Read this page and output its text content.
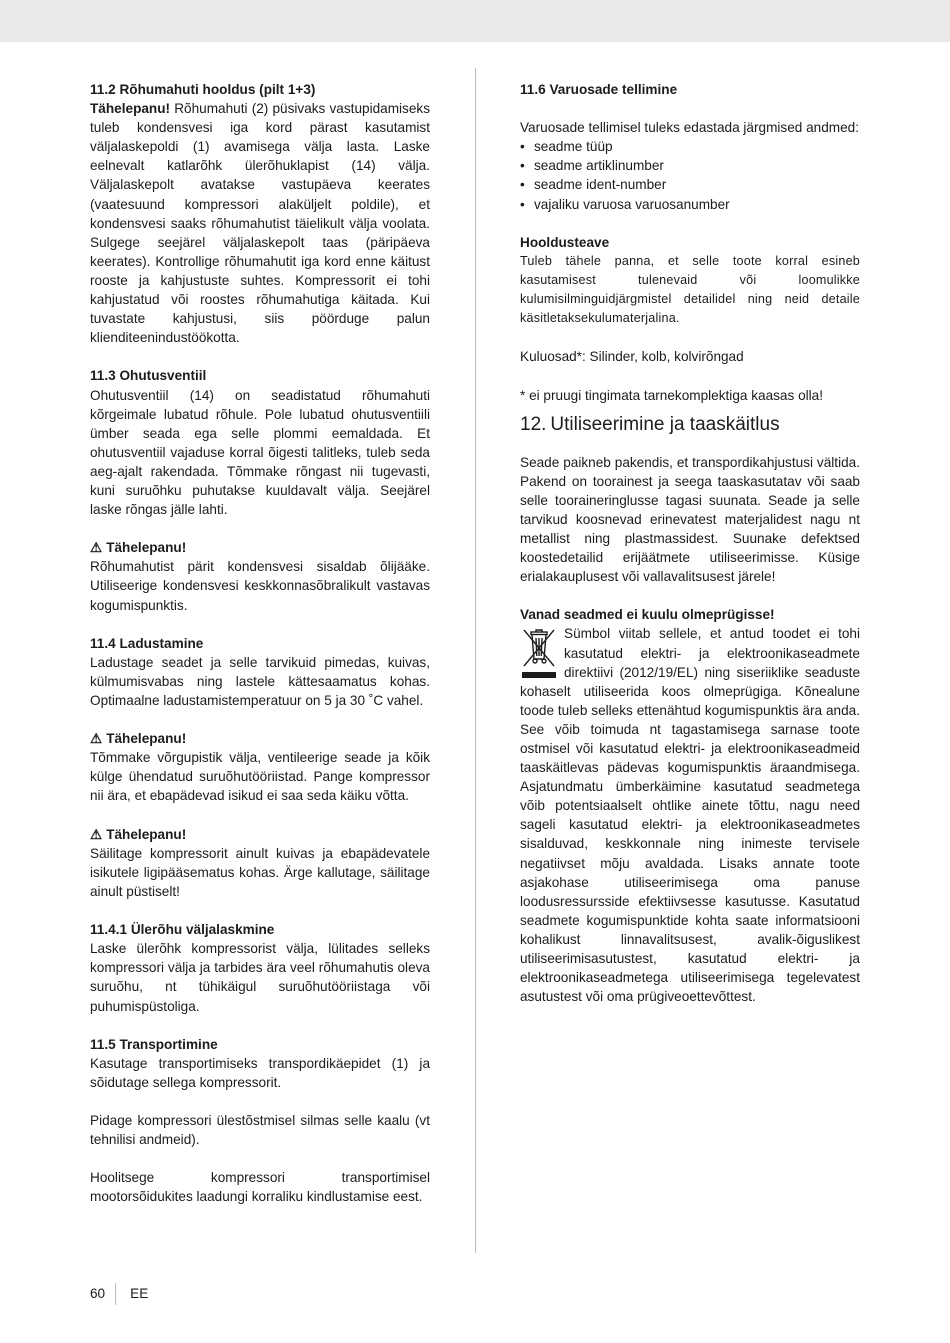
11.2 Rõhumahuti hooldus (pilt 1+3)
Tähelepanu! Rõhumahuti (2) püsivaks vastupidamiseks tuleb kondensvesi iga kord pärast kasutamist väljalaskepoldi (1) avamisega välja lasta. Laske eelnevalt katlarõhk ülerõhuklapist (14) välja. Väljalaskepolt avatakse vastupäeva keerates (vaatesuund kompressori alaküljelt poldile), et kondensvesi saaks rõhumahutist täielikult välja voolata. Sulgege seejärel väljalaskepolt taas (päripäeva keerates). Kontrollige rõhumahutit iga kord enne käitust rooste ja kahjustuste suhtes. Kompressorit ei tohi kahjustatud või roostes rõhumahutiga käitada. Kui tuvastate kahjustusi, siis pöörduge palun klienditeenindustöökotta.

11.3 Ohutusventiil

Ohutusventiil (14) on seadistatud rõhumahuti kõrgeimale lubatud rõhule. Pole lubatud ohutusventiili ümber seada ega selle plommi eemaldada. Et ohutusventiil vajaduse korral õigesti talitleks, tuleb seda aeg-ajalt rakendada. Tõmmake rõngast nii tugevasti, kuni suruõhku puhutakse kuuldavalt välja. Seejärel laske rõngas jälle lahti.

⚠ Tähelepanu!

Rõhumahutist pärit kondensvesi sisaldab õlijääke. Utiliseerige kondensvesi keskkonnasõbralikult vastavas kogumispunktis.

11.4 Ladustamine

Ladustage seadet ja selle tarvikuid pimedas, kuivas, külmumisvabas ning lastele kättesaamatus kohas. Optimaalne ladustamistemperatuur on 5 ja 30 ˚C vahel.

⚠ Tähelepanu!

Tõmmake võrgupistik välja, ventileerige seade ja kõik külge ühendatud suruõhutööriistad. Pange kompressor nii ära, et ebapädevad isikud ei saa seda käiku võtta.

⚠ Tähelepanu!

Säilitage kompressorit ainult kuivas ja ebapädevatele isikutele ligipääsematus kohas. Ärge kallutage, säilitage ainult püstiselt!

11.4.1 Ülerõhu väljalaskmine

Laske ülerõhk kompressorist välja, lülitades selleks kompressori välja ja tarbides ära veel rõhumahutis oleva suruõhu, nt tühikäigul suruõhutööriistaga või puhumispüstoliga.

11.5 Transportimine

Kasutage transportimiseks transpordikäepidet (1) ja sõidutage sellega kompressorit.

Pidage kompressori ülestõstmisel silmas selle kaalu (vt tehnilisi andmeid).

Hoolitsege kompressori transportimisel mootorsõidukites laadungi korraliku kindlustamise eest.

11.6 Varuosade tellimine

Varuosade tellimisel tuleks edastada järgmised andmed:

• seadme tüüp
• seadme artiklinumber
• seadme ident-number
• vajaliku varuosa varuosanumber
Hooldusteave

Tuleb tähele panna, et selle toote korral esineb kasutamisest tulenevaid või loomulikke kulumisilminguidjärgmistel detailidel ning neid detaile käsitletaksekulumaterjalina.

Kuluosad*: Silinder, kolb, kolvirõngad

* ei pruugi tingimata tarnekomplektiga kaasas olla!

12. Utiliseerimine ja taaskäitlus

Seade paikneb pakendis, et transpordikahjustusi vältida. Pakend on toorainest ja seega taaskasutatav või saab selle tooraineringlusse tagasi suunata. Seade ja selle tarvikud koosnevad erinevatest materjalidest nagu nt metallist ning plastmassidest. Suunake defektsed koostedetailid erijäätmete utiliseerimisse. Küsige erialakauplusest või vallavalitsusest järele!

Vanad seadmed ei kuulu olmeprügisse!

Sümbol viitab sellele, et antud toodet ei tohi kasutatud elektri- ja elektroonikaseadmete direktiivi (2012/19/EL) ning siseriiklike seaduste kohaselt utiliseerida koos olmeprügiga. Kõnealune toode tuleb selleks ettenähtud kogumispunktis ära anda. See võib toimuda nt tagastamisega sarnase toote ostmisel või kasutatud elektri- ja elektroonikaseadmeid taaskäitlevas pädevas kogumispunktis äraandmisega. Asjatundmatu ümberkäimine kasutatud seadmetega võib potentsiaalselt ohtlike ainete tõttu, nagu need sageli kasutatud elektri- ja elektroonikaseadmetes sisalduvad, keskkonnale ning inimeste tervisele negatiivset mõju avaldada. Lisaks annate toote asjakohase utiliseerimisega oma panuse loodusressursside efektiivsesse kasutusse. Kasutatud seadmete kogumispunktide kohta saate informatsiooni kohalikust linnavalitsusest, avalik-õiguslikest utiliseerimisasutustest, kasutatud elektri- ja elektroonikaseadmetega utiliseerimisega tegelevatest asutustest või oma prügiveoettevõttest.

60	EE
